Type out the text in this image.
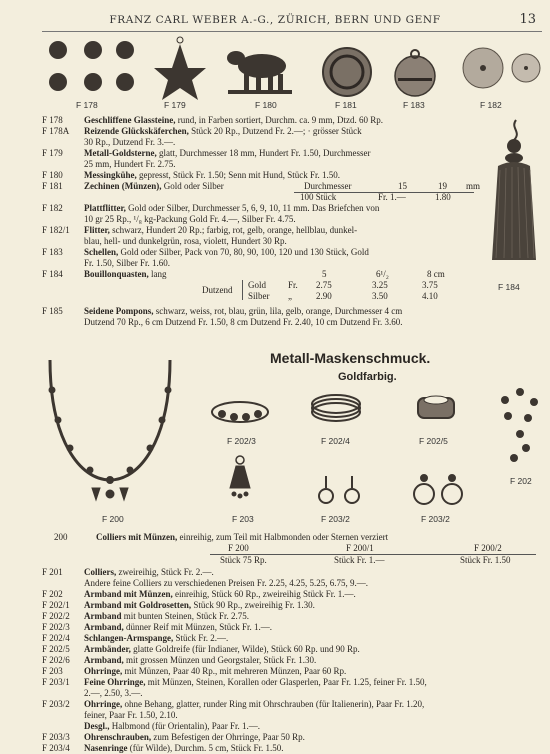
FRANZ CARL WEBER A.-G., ZÜRICH, BERN UND GENF	13
F 178	F 179	F 180	F 181	F 183	F 182
F 184
F 178 Geschliffene Glassteine, rund, in Farben sortiert, Durchm. ca. 9 mm, Dtzd. 60 Rp.
F 178A Reizende Glückskäferchen, Stück 20 Rp., Dutzend Fr. 2.—; · grösser Stück
30 Rp., Dutzend Fr. 3.—.
F 179 Metall-Goldsterne, glatt, Durchmesser 18 mm, Hundert Fr. 1.50, Durchmesser
25 mm, Hundert Fr. 2.75.
F 180 Messingkühe, gepresst, Stück Fr. 1.50; Senn mit Hund, Stück Fr. 1.50.
F 181 Zechinen (Münzen), Gold oder Silber	Durchmesser	15	19 mm
100 Stück	Fr. 1.—	1.80
F 182 Plattflitter, Gold oder Silber, Durchmesser 5, 6, 9, 10, 11 mm. Das Briefchen von
10 gr 25 Rp., ¹/₈ kg-Packung Gold Fr. 4.—, Silber Fr. 4.75.
F 182/1 Flitter, schwarz, Hundert 20 Rp.; farbig, rot, gelb, orange, hellblau, dunkel-
blau, hell- und dunkelgrün, rosa, violett, Hundert 30 Rp.
F 183 Schellen, Gold oder Silber, Pack von 70, 80, 90, 100, 120 und 130 Stück, Gold
Fr. 1.50, Silber Fr. 1.60.
F 184 Bouillonquasten, lang	5	6¹/₂	8 cm
Dutzend Gold Fr. 2.75	3.25	3.75
Silber „	2.90	3.50	4.10
F 185 Seidene Pompons, schwarz, weiss, rot, blau, grün, lila, gelb, orange, Durchmesser 4 cm
Dutzend 70 Rp., 6 cm Dutzend Fr. 1.50, 8 cm Dutzend Fr. 2.40, 10 cm Dutzend Fr. 3.60.
Metall-Maskenschmuck.
Goldfarbig.
F 202/3	F 202/4	F 202/5
F 202
F 200	F 203	F 203/2	F 203/2
200	Colliers mit Münzen, einreihig, zum Teil mit Halbmonden oder Sternen verziert
F 200	F 200/1	F 200/2
Stück 75 Rp.	Stück Fr. 1.—	Stück Fr. 1.50
F 201 Colliers, zweireihig, Stück Fr. 2.—.
Andere feine Colliers zu verschiedenen Preisen Fr. 2.25, 4.25, 5.25, 6.75, 9.—.
F 202 Armband mit Münzen, einreihig, Stück 60 Rp., zweireihig Stück Fr. 1.—.
F 202/1 Armband mit Goldrosetten, Stück 90 Rp., zweireihig Fr. 1.30.
F 202/2 Armband mit bunten Steinen, Stück Fr. 2.75.
F 202/3 Armband, dünner Reif mit Münzen, Stück Fr. 1.—.
F 202/4 Schlangen-Armspange, Stück Fr. 2.—.
F 202/5 Armbänder, glatte Goldreife (für Indianer, Wilde), Stück 60 Rp. und 90 Rp.
F 202/6 Armband, mit grossen Münzen und Georgstaler, Stück Fr. 1.30.
F 203 Ohrringe, mit Münzen, Paar 40 Rp., mit mehreren Münzen, Paar 60 Rp.
F 203/1 Feine Ohrringe, mit Münzen, Steinen, Korallen oder Glasperlen, Paar Fr. 1.25, feiner Fr. 1.50,
2.—, 2.50, 3.—.
F 203/2 Ohrringe, ohne Behang, glatter, runder Ring mit Ohrschrauben (für Italienerin), Paar Fr. 1.20,
feiner, Paar Fr. 1.50, 2.10.
Desgl., Halbmond (für Orientalin), Paar Fr. 1.—.
F 203/3 Ohrenschrauben, zum Befestigen der Ohrringe, Paar 50 Rp.
F 203/4 Nasenringe (für Wilde), Durchm. 5 cm, Stück Fr. 1.50.
